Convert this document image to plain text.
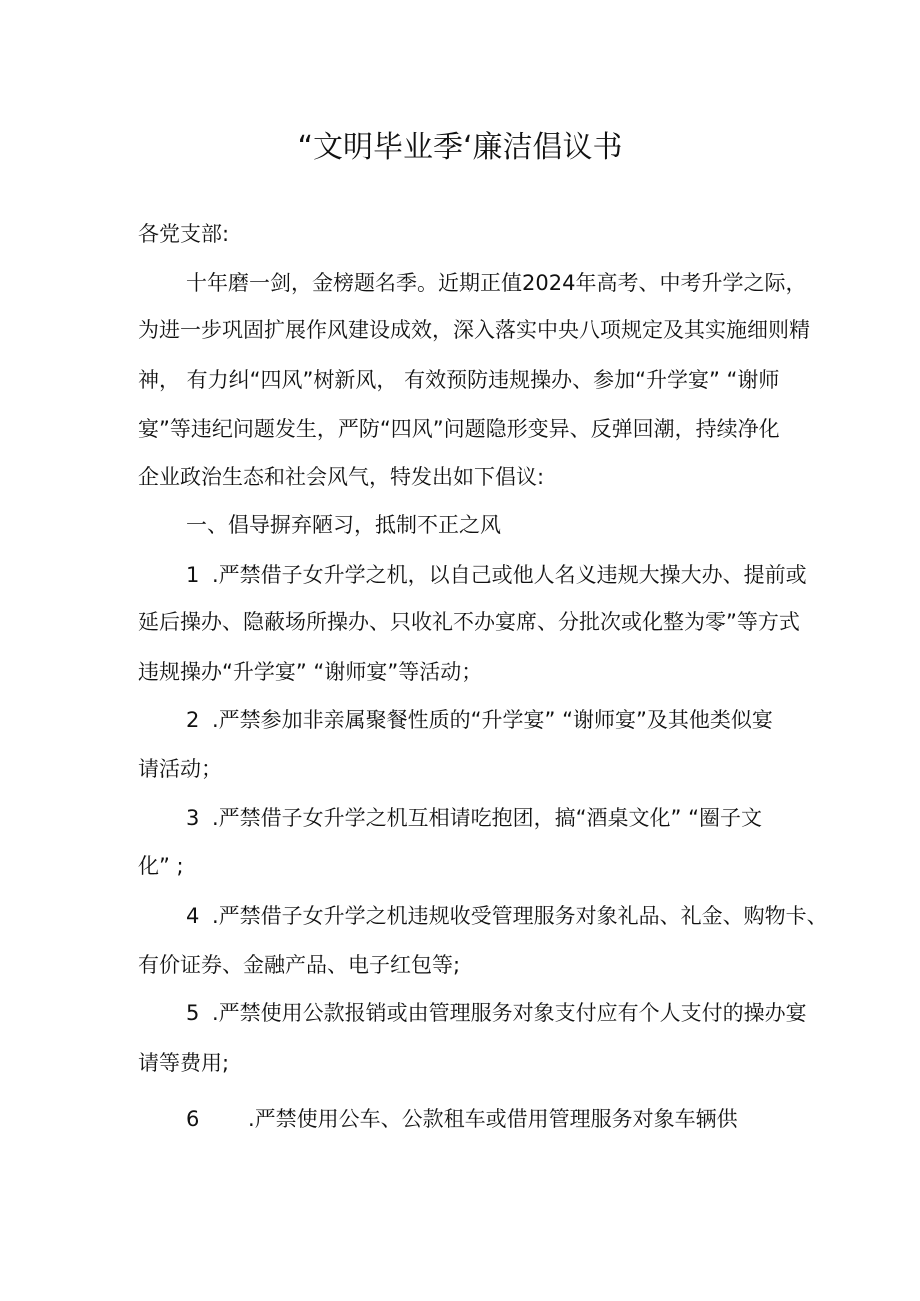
“文明毕业季‘廉洁倡议书
各党支部:
十年磨一剑，金榜题名季。近期正值2024年高考、中考升学之际，
为进一步巩固扩展作风建设成效，深入落实中央八项规定及其实施细则精
神， 有力纠“四风”树新风， 有效预防违规操办、参加“升学宴” “谢师
宴”等违纪问题发生，严防“四风”问题隐形变异、反弹回潮，持续净化
企业政治生态和社会风气，特发出如下倡议:
一、倡导摒弃陋习，抵制不正之风
1 .严禁借子女升学之机，以自己或他人名义违规大操大办、提前或
延后操办、隐蔽场所操办、只收礼不办宴席、分批次或化整为零”等方式
违规操办“升学宴” “谢师宴”等活动；
2 .严禁参加非亲属聚餐性质的“升学宴” “谢师宴”及其他类似宴
请活动；
3 .严禁借子女升学之机互相请吃抱团，搞“酒桌文化” “圈子文
化” ;
4 .严禁借子女升学之机违规收受管理服务对象礼品、礼金、购物卡、
有价证券、金融产品、电子红包等;
5 .严禁使用公款报销或由管理服务对象支付应有个人支付的操办宴
请等费用;
6 .严禁使用公车、公款租车或借用管理服务对象车辆供
